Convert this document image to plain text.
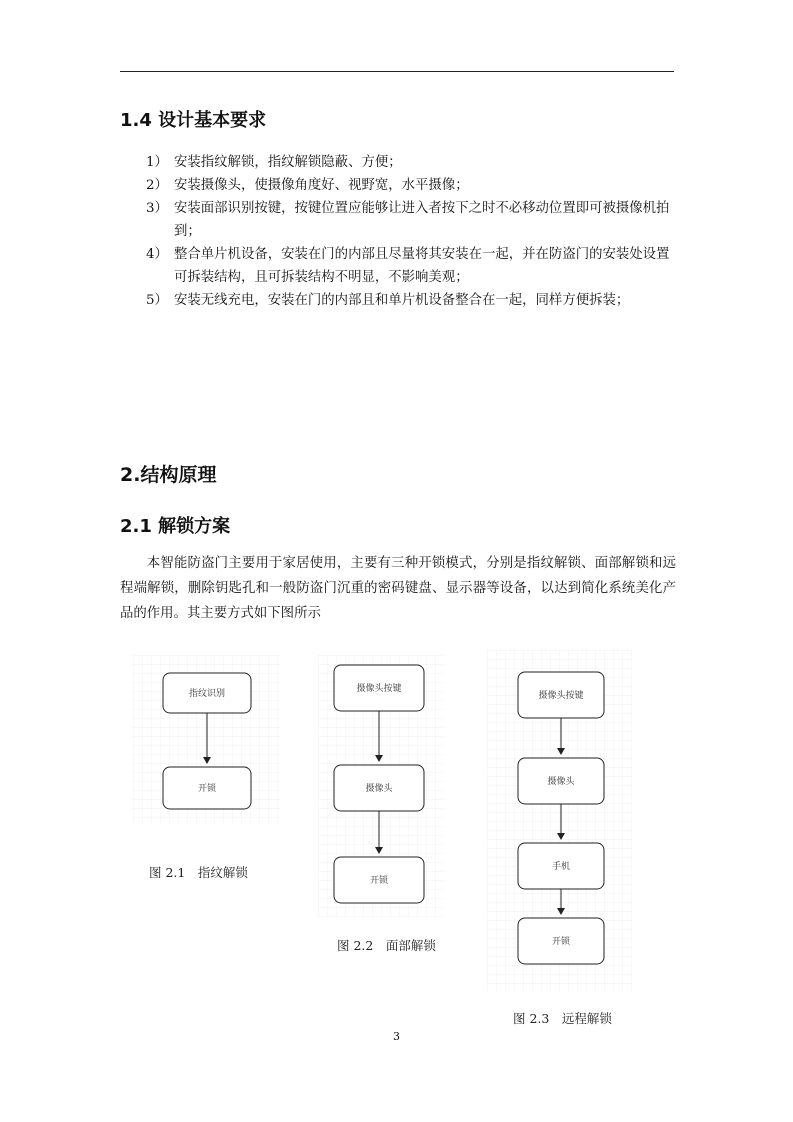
1.4 设计基本要求
1） 安装指纹解锁，指纹解锁隐蔽、方便；
2） 安装摄像头，使摄像角度好、视野宽，水平摄像；
3） 安装面部识别按键，按键位置应能够让进入者按下之时不必移动位置即可被摄像机拍到；
4） 整合单片机设备，安装在门的内部且尽量将其安装在一起，并在防盗门的安装处设置可拆装结构，且可拆装结构不明显，不影响美观；
5） 安装无线充电，安装在门的内部且和单片机设备整合在一起，同样方便拆装；
2.结构原理
2.1 解锁方案

本智能防盗门主要用于家居使用，主要有三种开锁模式，分别是指纹解锁、面部解锁和远程端解锁，删除钥匙孔和一般防盗门沉重的密码键盘、显示器等设备，以达到简化系统美化产品的作用。其主要方式如下图所示

指纹识别
开锁
图 2.1　指纹解锁
摄像头按键
摄像头
开锁
图 2.2　面部解锁
摄像头按键
摄像头
手机
开锁
图 2.3　远程解锁
3
